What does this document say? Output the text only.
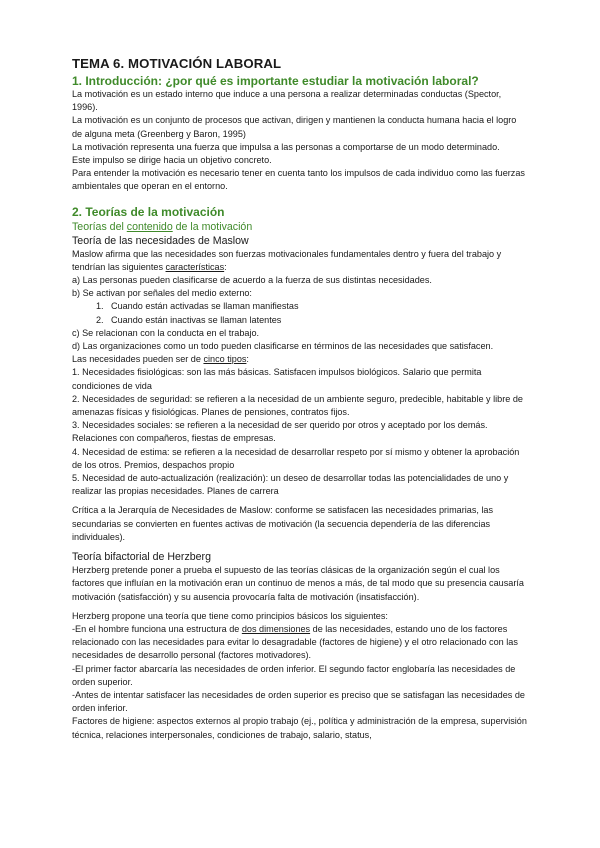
TEMA 6. MOTIVACIÓN LABORAL
1. Introducción: ¿por qué es importante estudiar la motivación laboral?

La motivación es un estado interno que induce a una persona a realizar determinadas conductas (Spector, 1996).

La motivación es un conjunto de procesos que activan, dirigen y mantienen la conducta humana hacia el logro de alguna meta (Greenberg y Baron, 1995)

La motivación representa una fuerza que impulsa a las personas a comportarse de un modo determinado.

Este impulso se dirige hacia un objetivo concreto.

Para entender la motivación es necesario tener en cuenta tanto los impulsos de cada individuo como las fuerzas ambientales que operan en el entorno.

2. Teorías de la motivación
Teorías del contenido de la motivación
Teoría de las necesidades de Maslow

Maslow afirma que las necesidades son fuerzas motivacionales fundamentales dentro y fuera del trabajo y tendrían las siguientes características:

a) Las personas pueden clasificarse de acuerdo a la fuerza de sus distintas necesidades.

b) Se activan por señales del medio externo:

1. Cuando están activadas se llaman manifiestas
2. Cuando están inactivas se llaman latentes

c) Se relacionan con la conducta en el trabajo.

d) Las organizaciones como un todo pueden clasificarse en términos de las necesidades que satisfacen.

Las necesidades pueden ser de cinco tipos:

1. Necesidades fisiológicas: son las más básicas. Satisfacen impulsos biológicos. Salario que permita condiciones de vida

2. Necesidades de seguridad: se refieren a la necesidad de un ambiente seguro, predecible, habitable y libre de amenazas físicas y fisiológicas. Planes de pensiones, contratos fijos.

3. Necesidades sociales: se refieren a la necesidad de ser querido por otros y aceptado por los demás. Relaciones con compañeros, fiestas de empresas.

4. Necesidad de estima: se refieren a la necesidad de desarrollar respeto por sí mismo y obtener la aprobación de los otros. Premios, despachos propio

5. Necesidad de auto-actualización (realización): un deseo de desarrollar todas las potencialidades de uno y realizar las propias necesidades. Planes de carrera

Crítica a la Jerarquía de Necesidades de Maslow: conforme se satisfacen las necesidades primarias, las secundarias se convierten en fuentes activas de motivación (la secuencia dependería de las diferencias individuales).

Teoría bifactorial de Herzberg

Herzberg pretende poner a prueba el supuesto de las teorías clásicas de la organización según el cual los factores que influían en la motivación eran un continuo de menos a más, de tal modo que su presencia causaría motivación (satisfacción) y su ausencia provocaría falta de motivación (insatisfacción).

Herzberg propone una teoría que tiene como principios básicos los siguientes:

-En el hombre funciona una estructura de dos dimensiones de las necesidades, estando uno de los factores relacionado con las necesidades para evitar lo desagradable (factores de higiene) y el otro relacionado con las necesidades de desarrollo personal (factores motivadores).

-El primer factor abarcaría las necesidades de orden inferior. El segundo factor englobaría las necesidades de orden superior.

-Antes de intentar satisfacer las necesidades de orden superior es preciso que se satisfagan las necesidades de orden inferior.

Factores de higiene: aspectos externos al propio trabajo (ej., política y administración de la empresa, supervisión técnica, relaciones interpersonales, condiciones de trabajo, salario, status,
